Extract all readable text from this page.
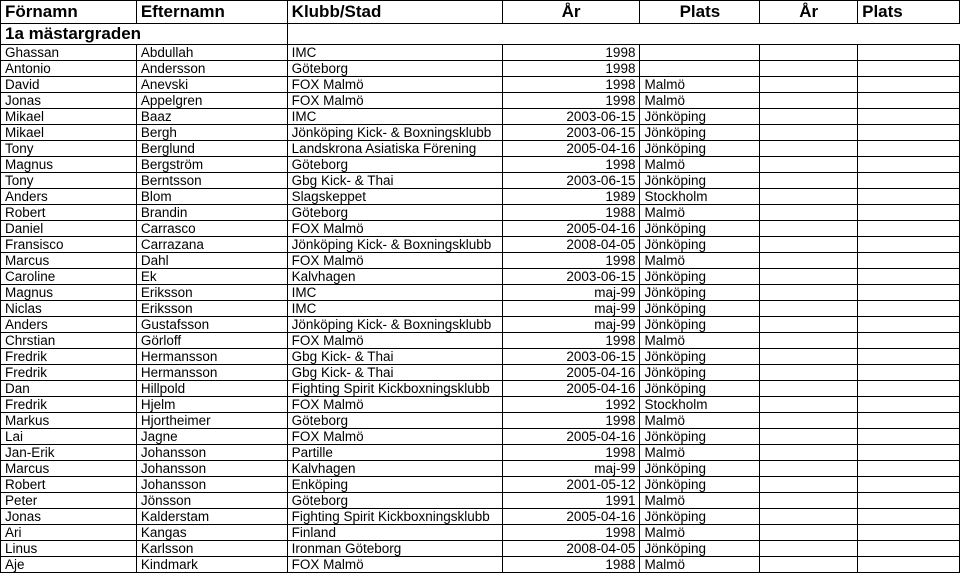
Förnamn	Efternamn	Klubb/Stad	År	Plats	År	Plats
1a mästargraden						
Ghassan	Abdullah	IMC	1998			
Antonio	Andersson	Göteborg	1998			
David	Anevski	FOX Malmö	1998	Malmö		
Jonas	Appelgren	FOX Malmö	1998	Malmö		
Mikael	Baaz	IMC	2003-06-15	Jönköping		
Mikael	Bergh	Jönköping Kick- & Boxningsklubb	2003-06-15	Jönköping		
Tony	Berglund	Landskrona Asiatiska Förening	2005-04-16	Jönköping		
Magnus	Bergström	Göteborg	1998	Malmö		
Tony	Berntsson	Gbg Kick- & Thai	2003-06-15	Jönköping		
Anders	Blom	Slagskeppet	1989	Stockholm		
Robert	Brandin	Göteborg	1988	Malmö		
Daniel	Carrasco	FOX Malmö	2005-04-16	Jönköping		
Fransisco	Carrazana	Jönköping Kick- & Boxningsklubb	2008-04-05	Jönköping		
Marcus	Dahl	FOX Malmö	1998	Malmö		
Caroline	Ek	Kalvhagen	2003-06-15	Jönköping		
Magnus	Eriksson	IMC	maj-99	Jönköping		
Niclas	Eriksson	IMC	maj-99	Jönköping		
Anders	Gustafsson	Jönköping Kick- & Boxningsklubb	maj-99	Jönköping		
Chrstian	Görloff	FOX Malmö	1998	Malmö		
Fredrik	Hermansson	Gbg Kick- & Thai	2003-06-15	Jönköping		
Fredrik	Hermansson	Gbg Kick- & Thai	2005-04-16	Jönköping		
Dan	Hillpold	Fighting Spirit Kickboxningsklubb	2005-04-16	Jönköping		
Fredrik	Hjelm	FOX Malmö	1992	Stockholm		
Markus	Hjortheimer	Göteborg	1998	Malmö		
Lai	Jagne	FOX Malmö	2005-04-16	Jönköping		
Jan-Erik	Johansson	Partille	1998	Malmö		
Marcus	Johansson	Kalvhagen	maj-99	Jönköping		
Robert	Johansson	Enköping	2001-05-12	Jönköping		
Peter	Jönsson	Göteborg	1991	Malmö		
Jonas	Kalderstam	Fighting Spirit Kickboxningsklubb	2005-04-16	Jönköping		
Ari	Kangas	Finland	1998	Malmö		
Linus	Karlsson	Ironman Göteborg	2008-04-05	Jönköping		
Aje	Kindmark	FOX Malmö	1988	Malmö		
